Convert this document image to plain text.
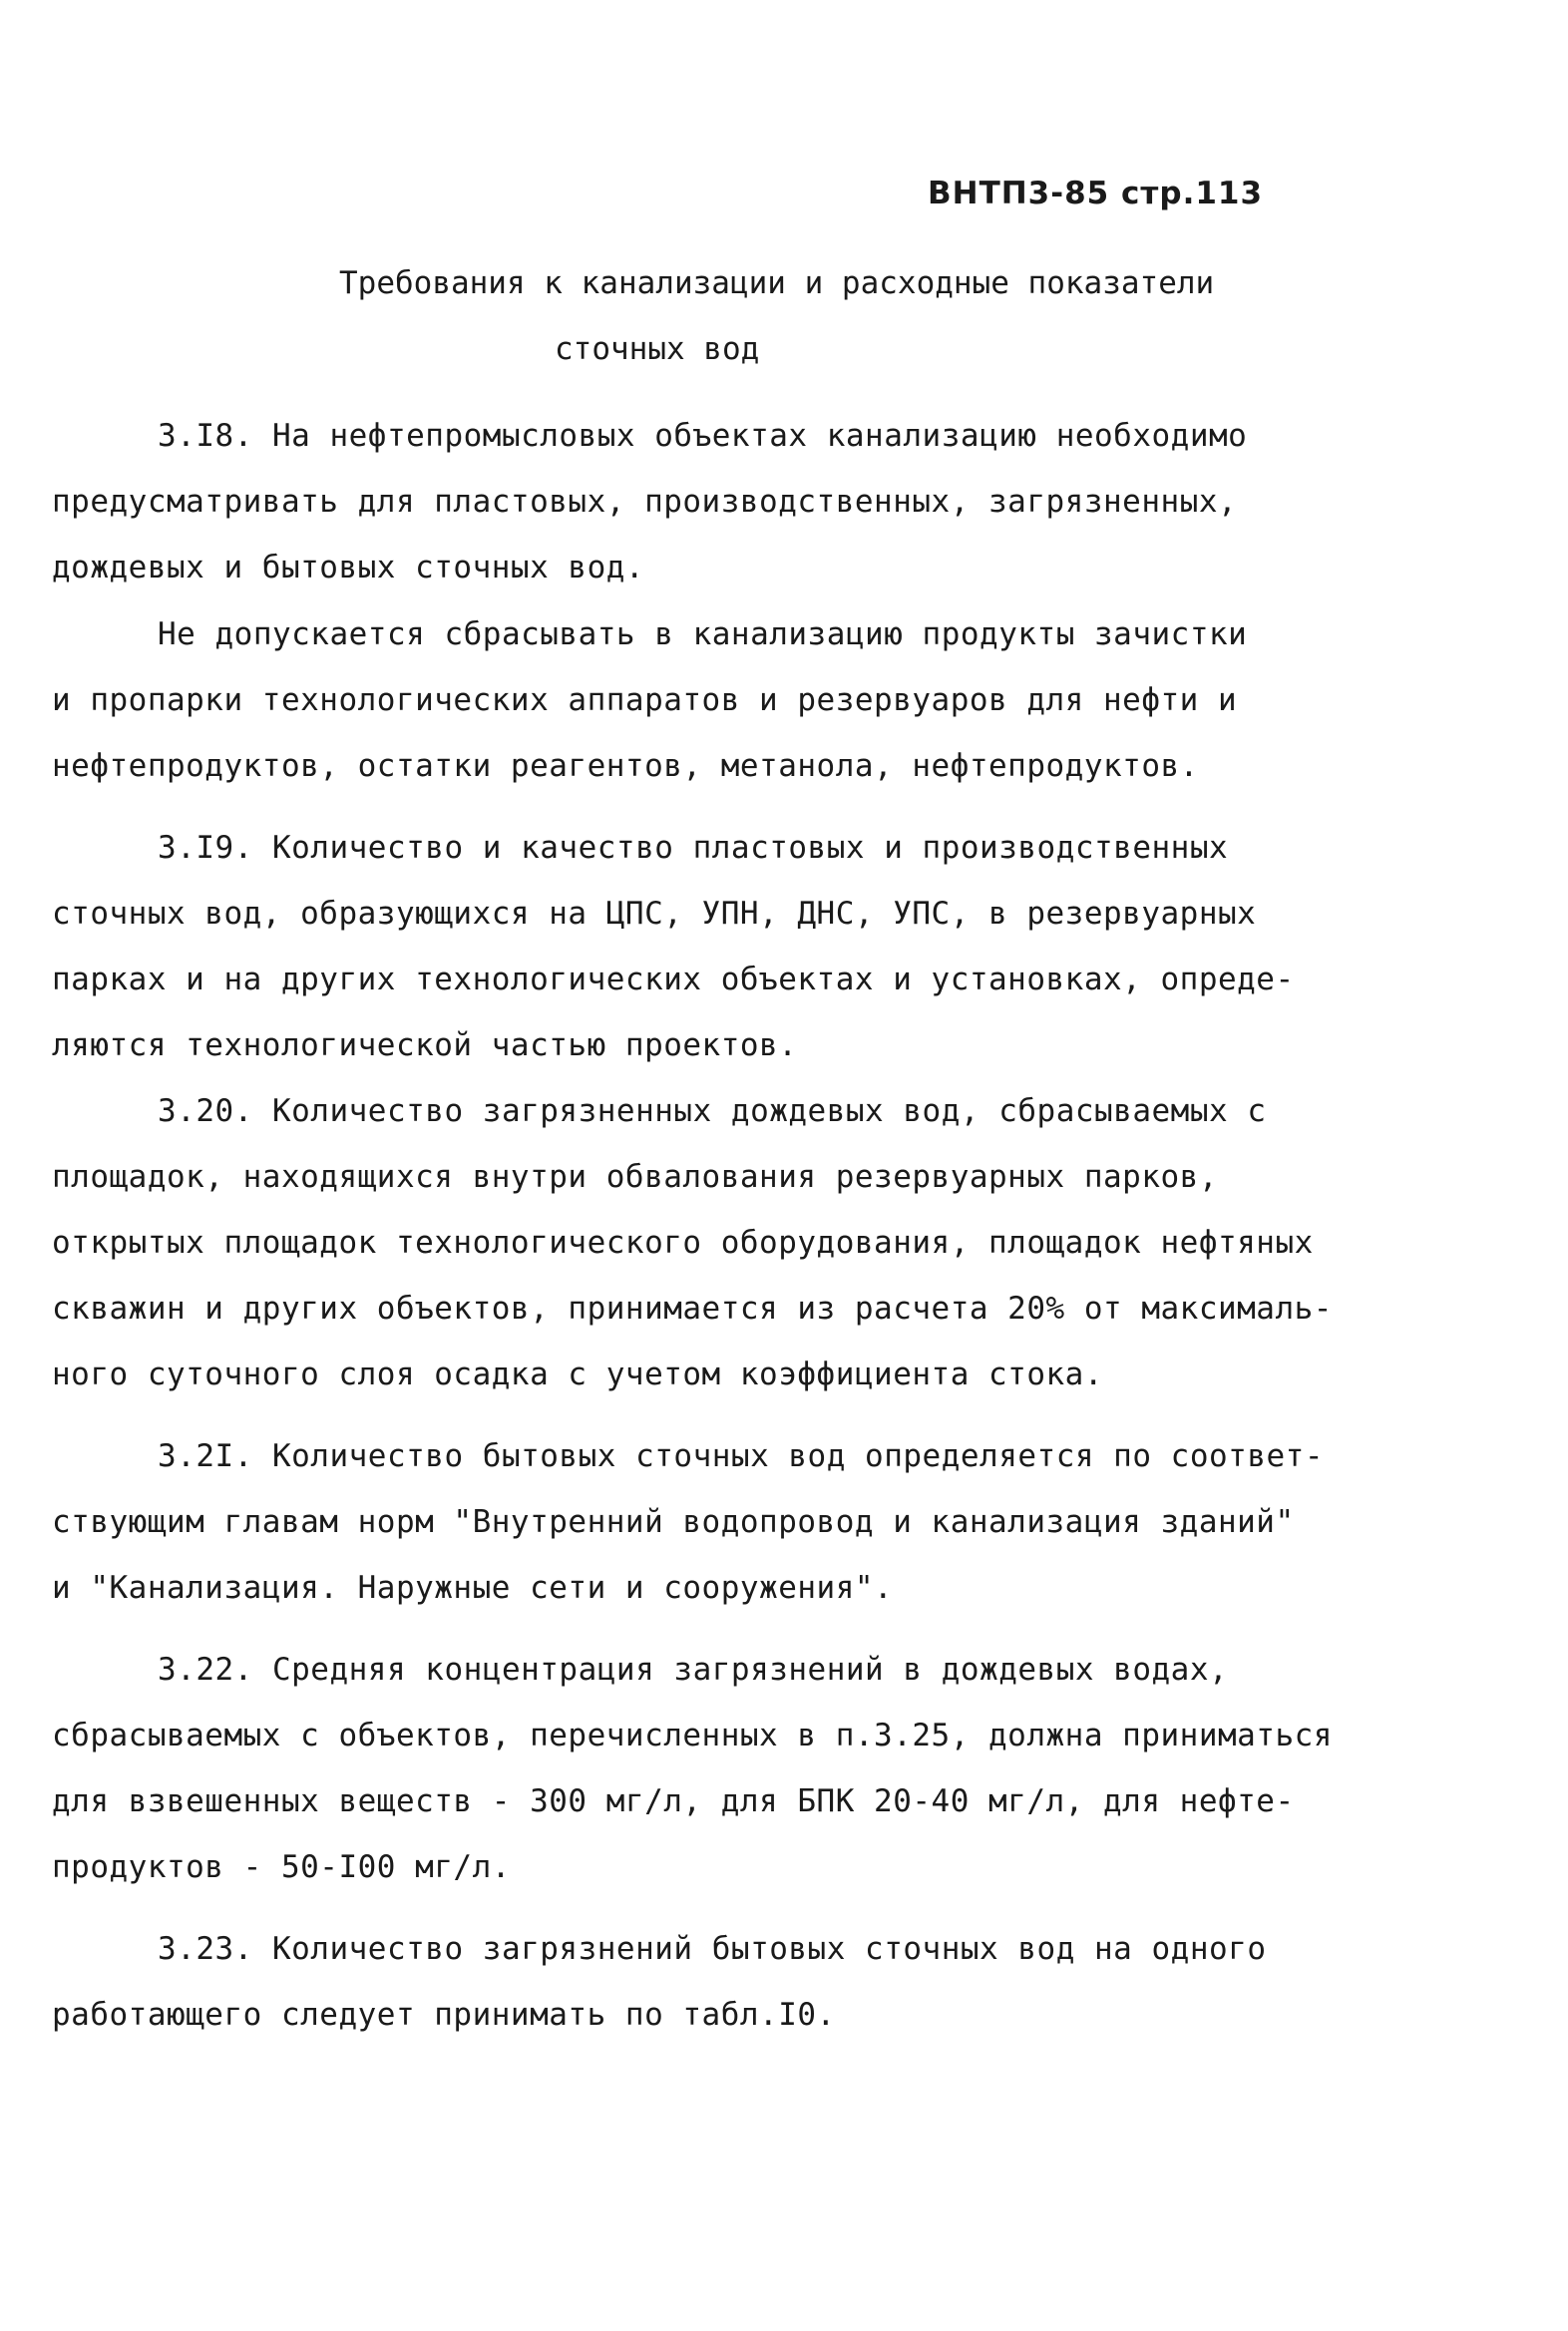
ВНТП3-85 стр.113
Требования к канализации и расходные показатели
сточных вод
3.I8. На нефтепромысловых объектах канализацию необходимо
предусматривать для пластовых, производственных, загрязненных,
дождевых и бытовых сточных вод.
Не допускается сбрасывать в канализацию продукты зачистки
и пропарки технологических аппаратов и резервуаров для нефти и
нефтепродуктов, остатки реагентов, метанола, нефтепродуктов.
3.I9. Количество и качество пластовых и производственных
сточных вод, образующихся на ЦПС, УПН, ДНС, УПС, в резервуарных
парках и на других технологических объектах и установках, опреде-
ляются технологической частью проектов.
3.20. Количество загрязненных дождевых вод, сбрасываемых с
площадок, находящихся внутри обвалования резервуарных парков,
открытых площадок технологического оборудования, площадок нефтяных
скважин и других объектов, принимается из расчета 20% от максималь-
ного суточного слоя осадка с учетом коэффициента стока.
3.2I. Количество бытовых сточных вод определяется по соответ-
ствующим главам норм "Внутренний водопровод и канализация зданий"
и "Канализация. Наружные сети и сооружения".
3.22. Средняя концентрация загрязнений в дождевых водах,
сбрасываемых с объектов, перечисленных в п.3.25, должна приниматься
для взвешенных веществ - 300 мг/л, для БПК 20-40 мг/л, для нефте-
продуктов - 50-I00 мг/л.
3.23. Количество загрязнений бытовых сточных вод на одного
работающего следует принимать по табл.I0.
